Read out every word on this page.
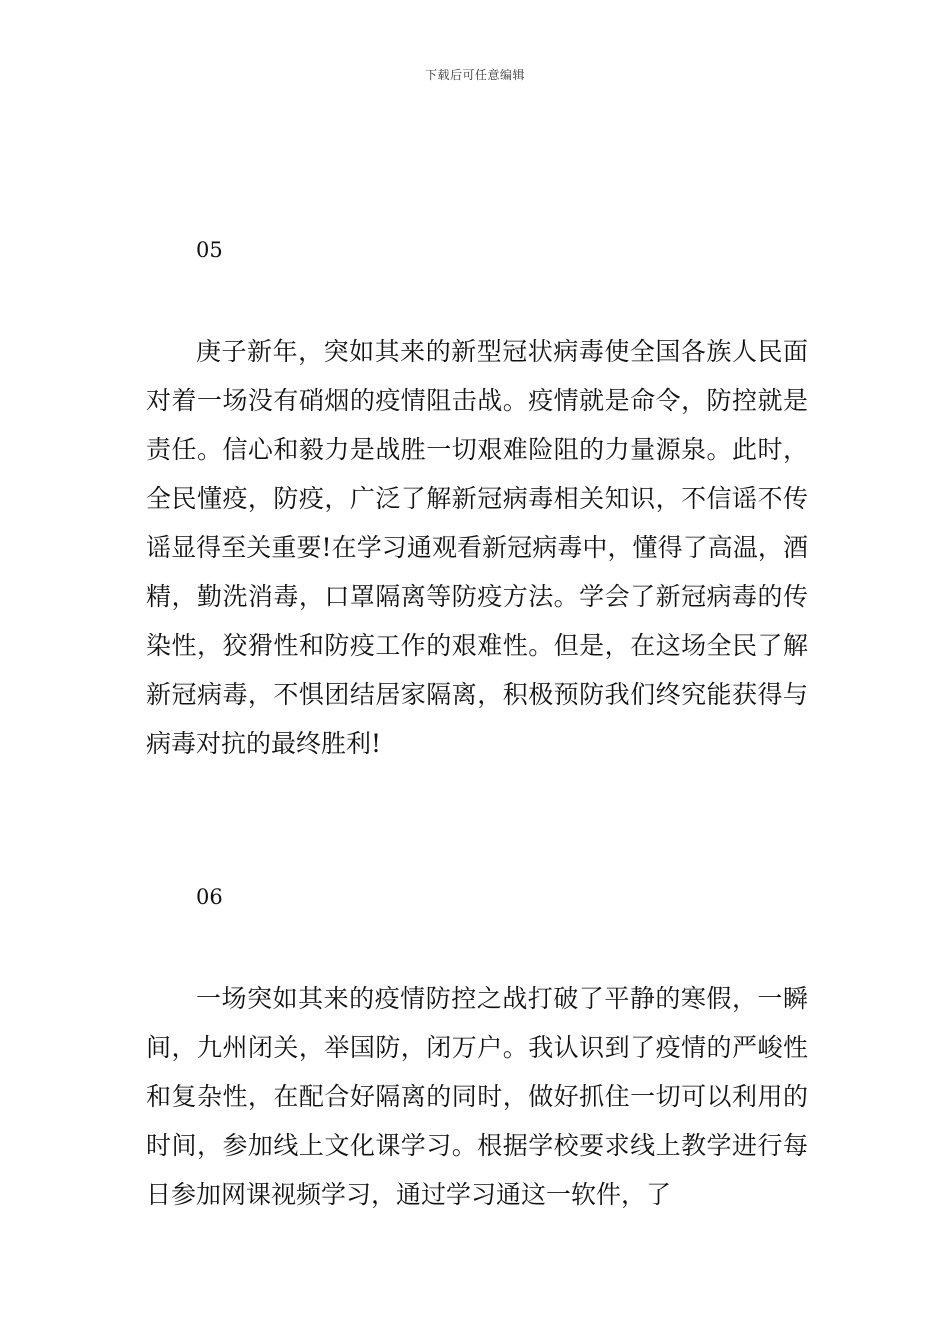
下载后可任意编辑
05

庚子新年，突如其来的新型冠状病毒使全国各族人民面对着一场没有硝烟的疫情阻击战。疫情就是命令，防控就是责任。信心和毅力是战胜一切艰难险阻的力量源泉。此时，全民懂疫，防疫，广泛了解新冠病毒相关知识，不信谣不传谣显得至关重要!在学习通观看新冠病毒中，懂得了高温，酒精，勤洗消毒，口罩隔离等防疫方法。学会了新冠病毒的传染性，狡猾性和防疫工作的艰难性。但是，在这场全民了解新冠病毒，不惧团结居家隔离，积极预防我们终究能获得与病毒对抗的最终胜利!

06

一场突如其来的疫情防控之战打破了平静的寒假，一瞬间，九州闭关，举国防，闭万户。我认识到了疫情的严峻性和复杂性，在配合好隔离的同时，做好抓住一切可以利用的时间，参加线上文化课学习。根据学校要求线上教学进行每日参加网课视频学习，通过学习通这一软件，了
